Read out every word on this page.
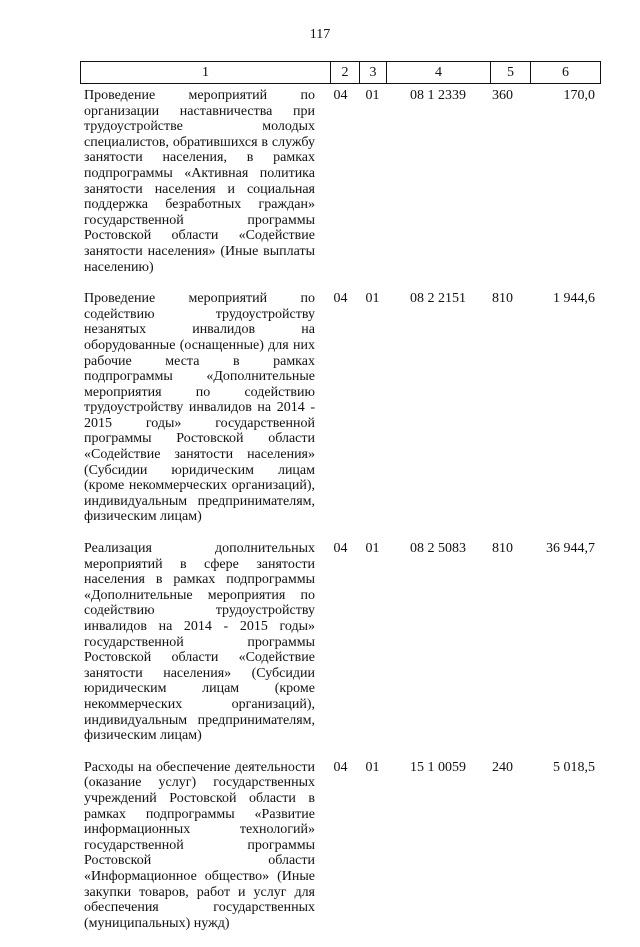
117
1	2	3	4	5	6
Проведение мероприятий по организации наставничества при трудоустройстве молодых специалистов, обратившихся в службу занятости населения, в рамках подпрограммы «Активная политика занятости населения и социальная поддержка безработных граждан» государственной программы Ростовской области «Содействие занятости населения» (Иные выплаты населению)
04	01	08 1 2339	360	170,0
Проведение мероприятий по содействию трудоустройству незанятых инвалидов на оборудованные (оснащенные) для них рабочие места в рамках подпрограммы «Дополнительные мероприятия по содействию трудоустройству инвалидов на 2014 - 2015 годы» государственной программы Ростовской области «Содействие занятости населения» (Субсидии юридическим лицам (кроме некоммерческих организаций), индивидуальным предпринимателям, физическим лицам)
04	01	08 2 2151	810	1 944,6
Реализация дополнительных мероприятий в сфере занятости населения в рамках подпрограммы «Дополнительные мероприятия по содействию трудоустройству инвалидов на 2014 - 2015 годы» государственной программы Ростовской области «Содействие занятости населения» (Субсидии юридическим лицам (кроме некоммерческих организаций), индивидуальным предпринимателям, физическим лицам)
04	01	08 2 5083	810	36 944,7
Расходы на обеспечение деятельности (оказание услуг) государственных учреждений Ростовской области в рамках подпрограммы «Развитие информационных технологий» государственной программы Ростовской области «Информационное общество» (Иные закупки товаров, работ и услуг для обеспечения государственных (муниципальных) нужд)
04	01	15 1 0059	240	5 018,5
